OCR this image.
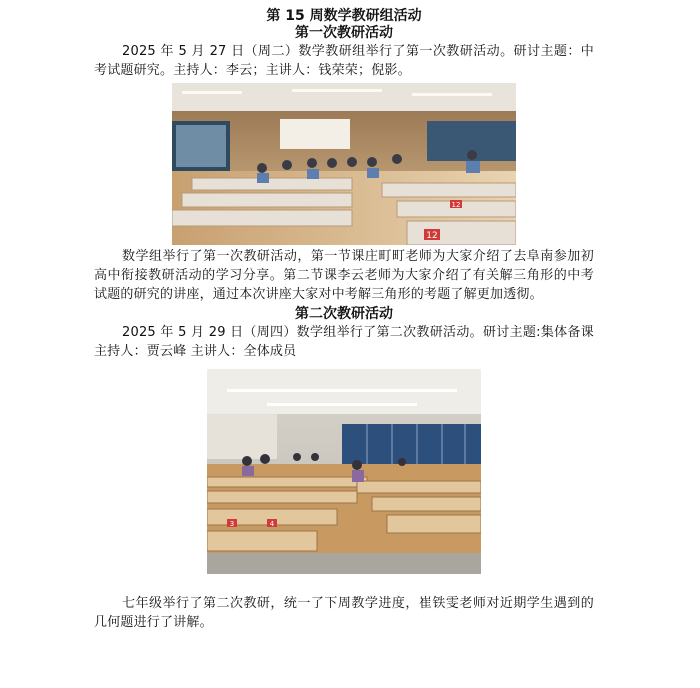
第 15 周数学教研组活动

第一次教研活动

2025 年 5 月 27 日（周二）数学教研组举行了第一次教研活动。研讨主题：中考试题研究。主持人：李云；主讲人：钱荣荣；倪影。

12
12

数学组举行了第一次教研活动，第一节课庄町町老师为大家介绍了去阜南参加初高中衔接教研活动的学习分享。第二节课李云老师为大家介绍了有关解三角形的中考试题的研究的讲座，通过本次讲座大家对中考解三角形的考题了解更加透彻。

第二次教研活动

2025 年 5 月 29 日（周四）数学组举行了第二次教研活动。研讨主题:集体备课 主持人：贾云峰 主讲人：全体成员

3	4

七年级举行了第二次教研，统一了下周教学进度，崔铁雯老师对近期学生遇到的几何题进行了讲解。
